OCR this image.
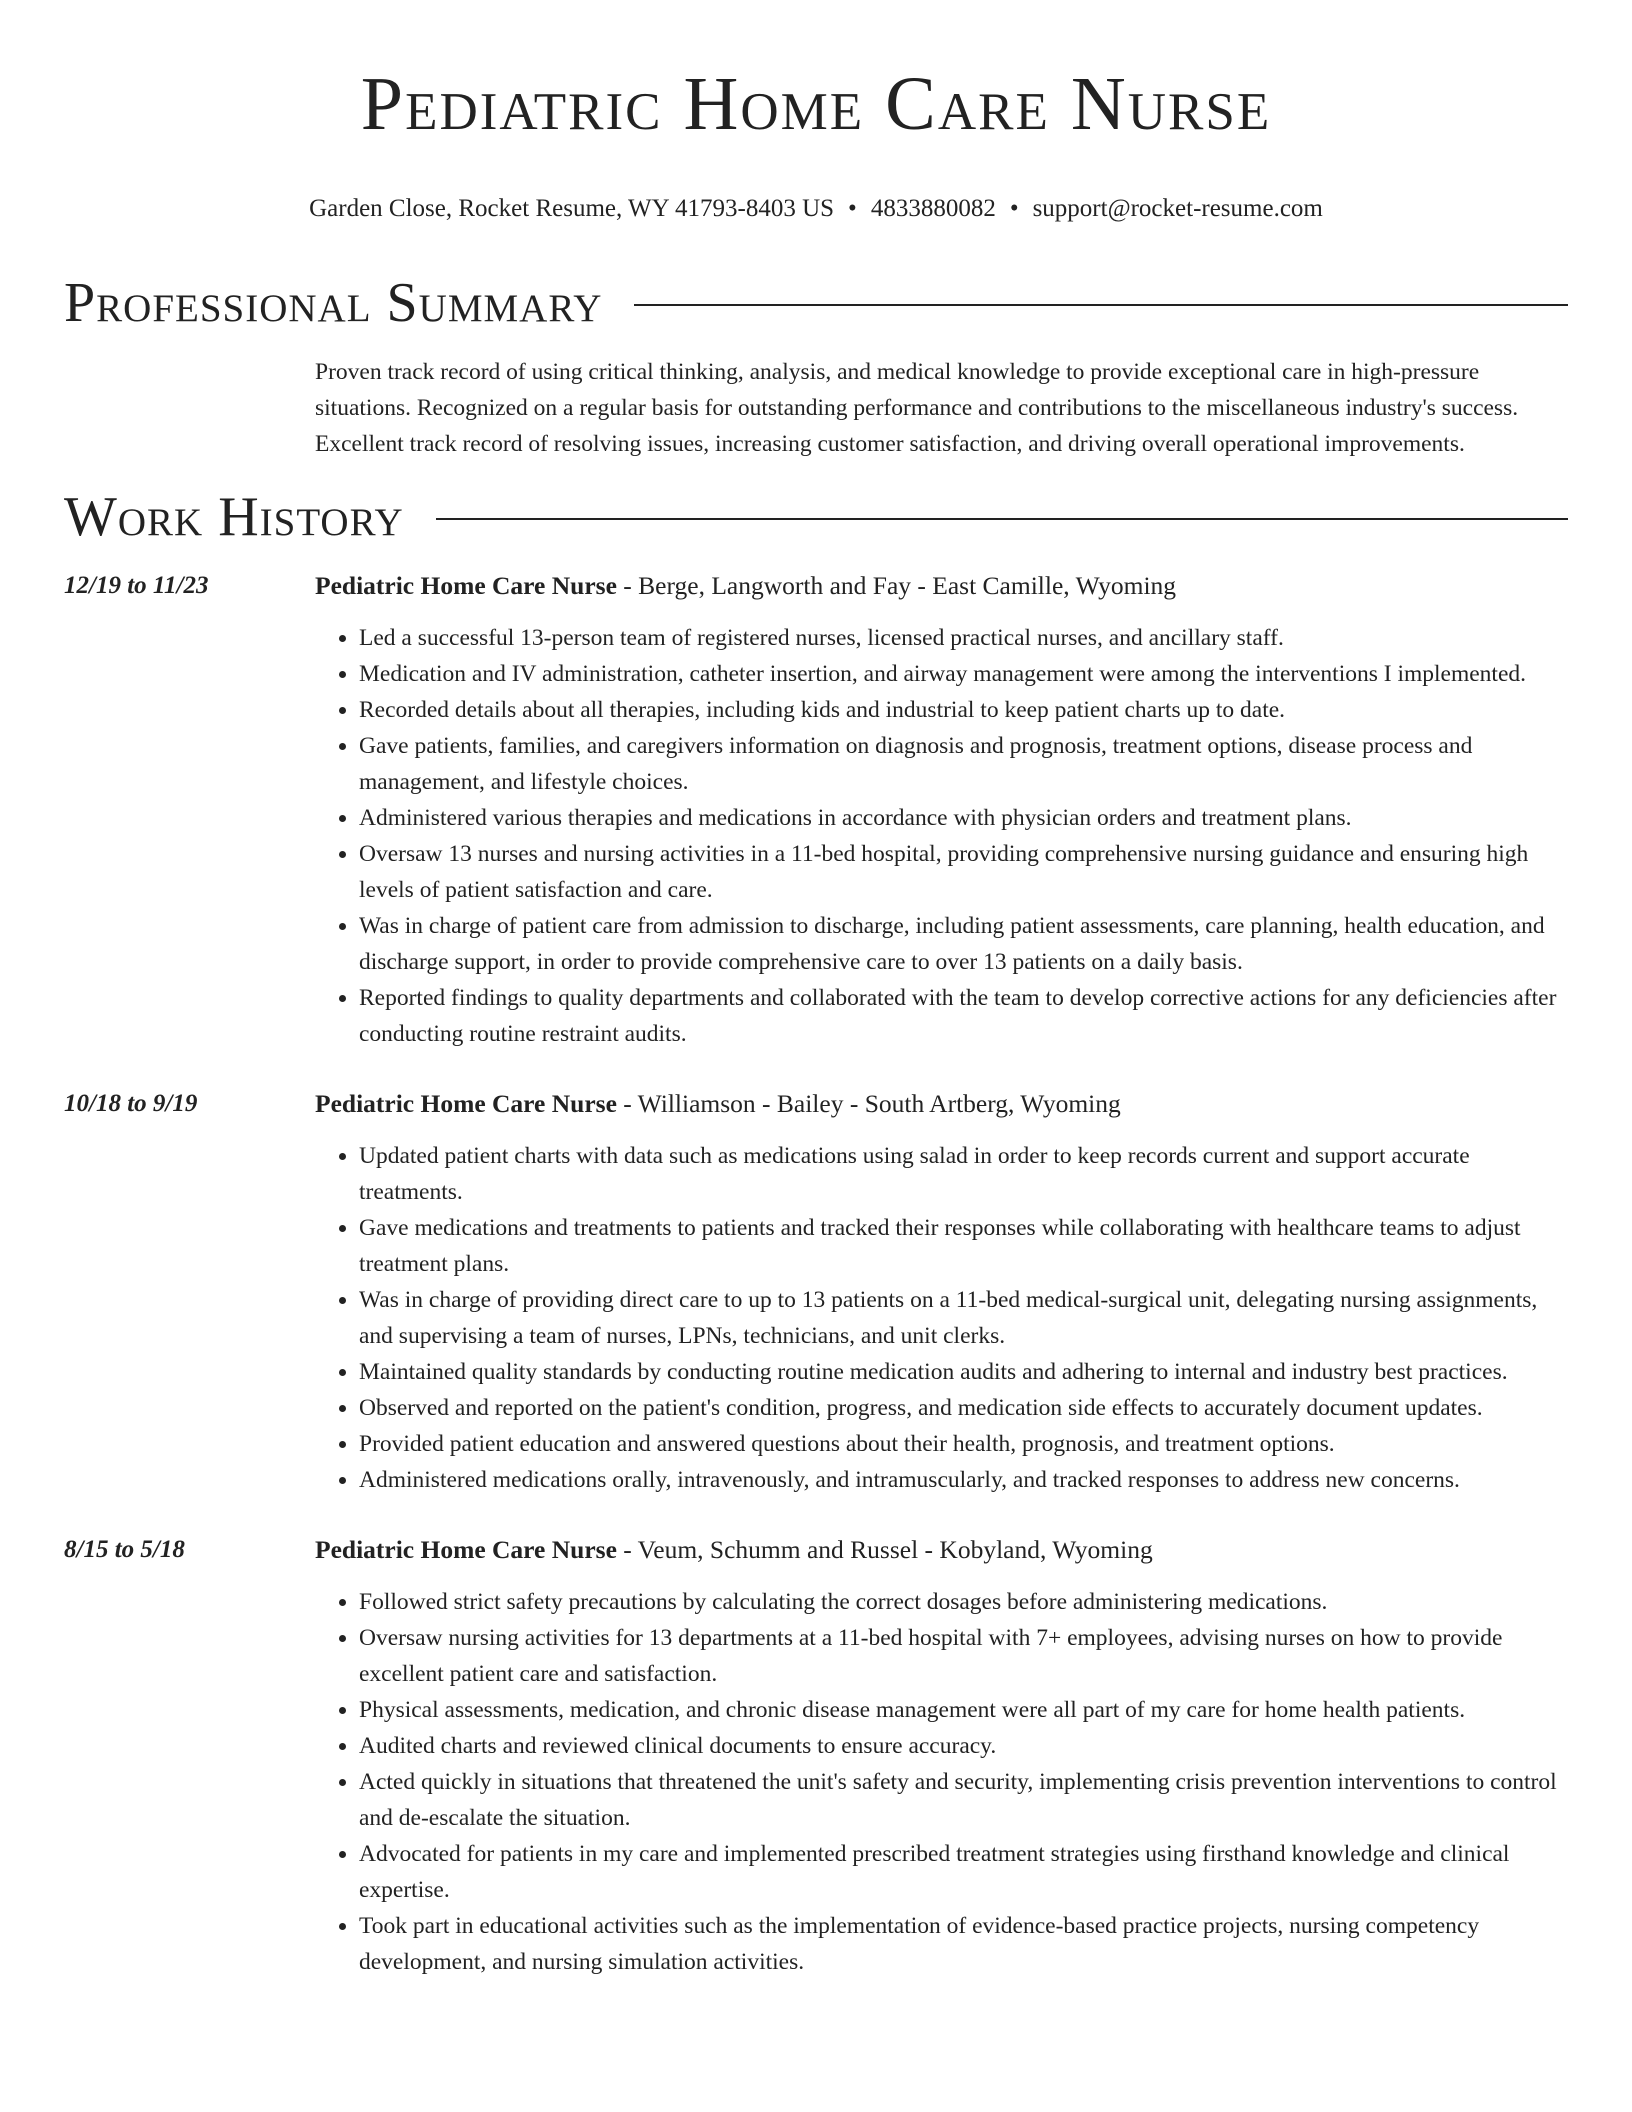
Pediatric Home Care Nurse
Garden Close, Rocket Resume, WY 41793-8403 US • 4833880082 • support@rocket-resume.com
Professional Summary

Proven track record of using critical thinking, analysis, and medical knowledge to provide exceptional care in high-pressure situations. Recognized on a regular basis for outstanding performance and contributions to the miscellaneous industry's success. Excellent track record of resolving issues, increasing customer satisfaction, and driving overall operational improvements.

Work History
12/19 to 11/23	Pediatric Home Care Nurse - Berge, Langworth and Fay - East Camille, Wyoming
• Led a successful 13-person team of registered nurses, licensed practical nurses, and ancillary staff.
• Medication and IV administration, catheter insertion, and airway management were among the interventions I implemented.
• Recorded details about all therapies, including kids and industrial to keep patient charts up to date.
• Gave patients, families, and caregivers information on diagnosis and prognosis, treatment options, disease process and management, and lifestyle choices.
• Administered various therapies and medications in accordance with physician orders and treatment plans.
• Oversaw 13 nurses and nursing activities in a 11-bed hospital, providing comprehensive nursing guidance and ensuring high levels of patient satisfaction and care.
• Was in charge of patient care from admission to discharge, including patient assessments, care planning, health education, and discharge support, in order to provide comprehensive care to over 13 patients on a daily basis.
• Reported findings to quality departments and collaborated with the team to develop corrective actions for any deficiencies after conducting routine restraint audits.
10/18 to 9/19	Pediatric Home Care Nurse - Williamson - Bailey - South Artberg, Wyoming
• Updated patient charts with data such as medications using salad in order to keep records current and support accurate treatments.
• Gave medications and treatments to patients and tracked their responses while collaborating with healthcare teams to adjust treatment plans.
• Was in charge of providing direct care to up to 13 patients on a 11-bed medical-surgical unit, delegating nursing assignments, and supervising a team of nurses, LPNs, technicians, and unit clerks.
• Maintained quality standards by conducting routine medication audits and adhering to internal and industry best practices.
• Observed and reported on the patient's condition, progress, and medication side effects to accurately document updates.
• Provided patient education and answered questions about their health, prognosis, and treatment options.
• Administered medications orally, intravenously, and intramuscularly, and tracked responses to address new concerns.
8/15 to 5/18	Pediatric Home Care Nurse - Veum, Schumm and Russel - Kobyland, Wyoming
• Followed strict safety precautions by calculating the correct dosages before administering medications.
• Oversaw nursing activities for 13 departments at a 11-bed hospital with 7+ employees, advising nurses on how to provide excellent patient care and satisfaction.
• Physical assessments, medication, and chronic disease management were all part of my care for home health patients.
• Audited charts and reviewed clinical documents to ensure accuracy.
• Acted quickly in situations that threatened the unit's safety and security, implementing crisis prevention interventions to control and de-escalate the situation.
• Advocated for patients in my care and implemented prescribed treatment strategies using firsthand knowledge and clinical expertise.
• Took part in educational activities such as the implementation of evidence-based practice projects, nursing competency development, and nursing simulation activities.
